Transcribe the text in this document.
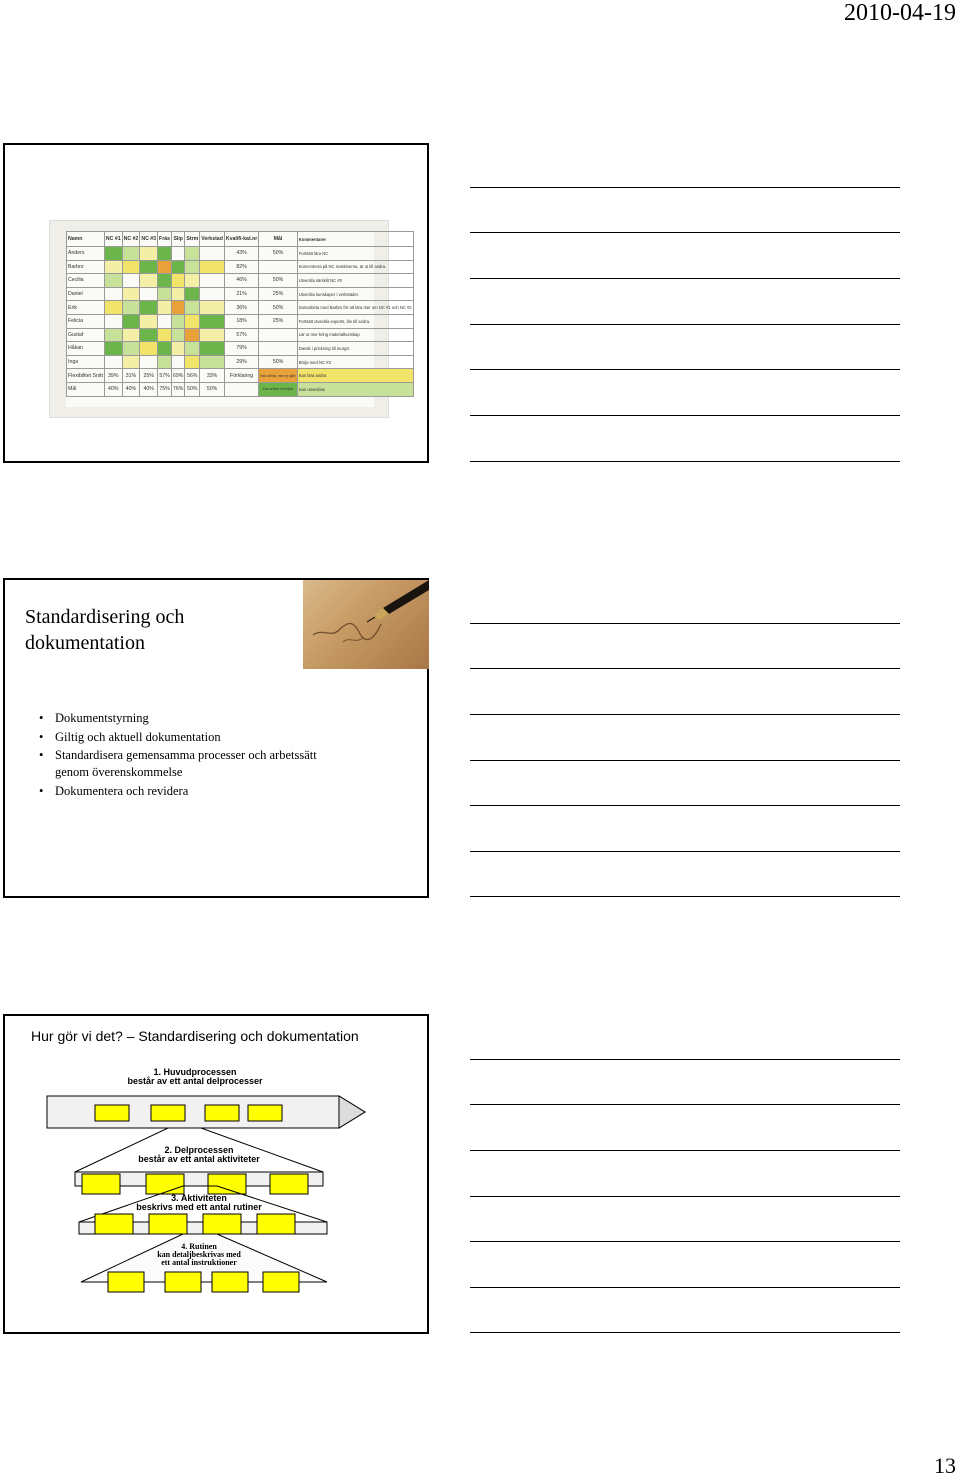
2010-04-19
13
Namn	NC #1	NC #2	NC #3	Fräs	Slip	Strm	Verkstad	Kvalifi-kat.nr	Mål	Kommentarer
Anders								43%	50%	Fortsätt lära NC
Barbro								82%		Koncentrera på NC maskinerna, är ut till andra.
Cecilia								46%	50%	Utveckla särskilt NC #2
Daniel								21%	25%	Utveckla kunskaper i verkstäder.
Erik								36%	50%	Samarbeta med Barbro för att lära mer om NC #1 och NC #2
Felicia								18%	25%	Fortsätt utveckla experts, lite till andra.
Gustaf								57%		Lär ut mer kring materialkunskap
Håkan								79%		Dansk i prickning till murgö.
Inga								29%	50%	Börja med NC #3
Flexibilitet Snitt	39%	31%	25%	57%	69%	56%	33%	Förklaring	Kan utföra, men ej själv	Kan lära andra
Mål	40%	40%	40%	75%	76%	50%	50%		Kan arbeta helt själv	Kan utvecklas
Standardisering och dokumentation
• Dokumentstyrning
• Giltig och aktuell dokumentation
• Standardisera gemensamma processer och arbetssätt genom överenskommelse
• Dokumentera och revidera
Hur gör vi det? – Standardisering och dokumentation
1. Huvudprocessen
består av ett antal delprocesser
2. Delprocessen
består av ett antal aktiviteter
3. Aktiviteten
beskrivs med ett antal rutiner
4. Rutinen
kan detaljbeskrivas med
ett antal instruktioner
